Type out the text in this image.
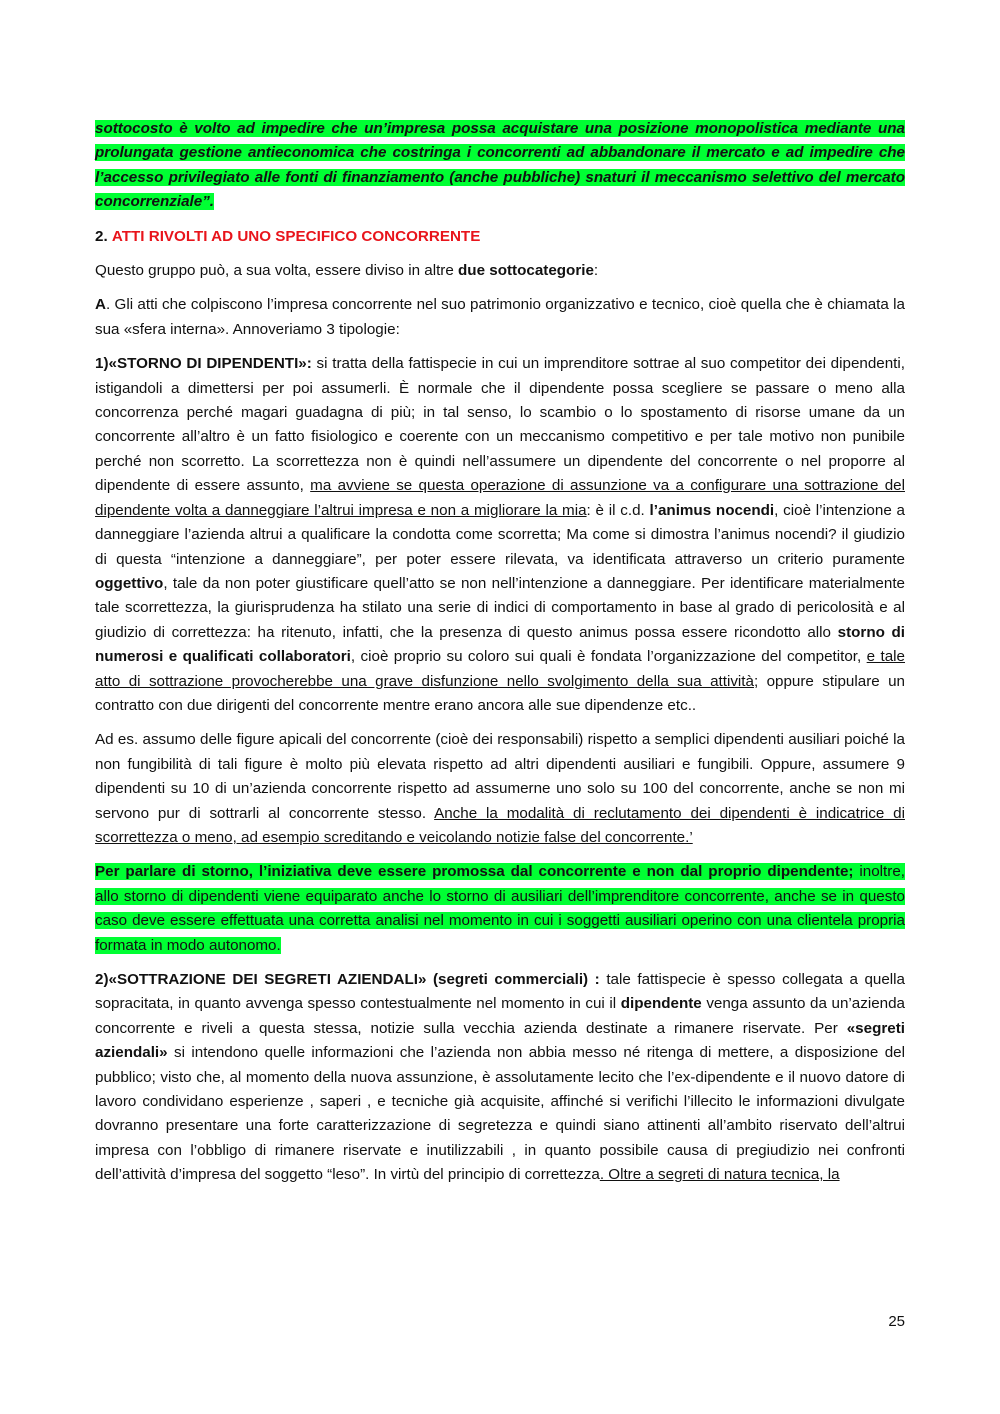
sottocosto è volto ad impedire che un’impresa possa acquistare una posizione monopolistica mediante una prolungata gestione antieconomica che costringa i concorrenti ad abbandonare il mercato e ad impedire che l’accesso privilegiato alle fonti di finanziamento (anche pubbliche) snaturi il meccanismo selettivo del mercato concorrenziale”.

2. ATTI RIVOLTI AD UNO SPECIFICO CONCORRENTE

Questo gruppo può, a sua volta, essere diviso in altre due sottocategorie:

A. Gli atti che colpiscono l’impresa concorrente nel suo patrimonio organizzativo e tecnico, cioè quella che è chiamata la sua «sfera interna». Annoveriamo 3 tipologie:

1)«STORNO DI DIPENDENTI»: si tratta della fattispecie in cui un imprenditore sottrae al suo competitor dei dipendenti, istigandoli a dimettersi per poi assumerli. È normale che il dipendente possa scegliere se passare o meno alla concorrenza perché magari guadagna di più; in tal senso, lo scambio o lo spostamento di risorse umane da un concorrente all’altro è un fatto fisiologico e coerente con un meccanismo competitivo e per tale motivo non punibile perché non scorretto. La scorrettezza non è quindi nell’assumere un dipendente del concorrente o nel proporre al dipendente di essere assunto, ma avviene se questa operazione di assunzione va a configurare una sottrazione del dipendente volta a danneggiare l’altrui impresa e non a migliorare la mia: è il c.d. l’animus nocendi, cioè l’intenzione a danneggiare l’azienda altrui a qualificare la condotta come scorretta; Ma come si dimostra l’animus nocendi? il giudizio di questa “intenzione a danneggiare”, per poter essere rilevata, va identificata attraverso un criterio puramente oggettivo, tale da non poter giustificare quell’atto se non nell’intenzione a danneggiare. Per identificare materialmente tale scorrettezza, la giurisprudenza ha stilato una serie di indici di comportamento in base al grado di pericolosità e al giudizio di correttezza: ha ritenuto, infatti, che la presenza di questo animus possa essere ricondotto allo storno di numerosi e qualificati collaboratori, cioè proprio su coloro sui quali è fondata l’organizzazione del competitor, e tale atto di sottrazione provocherebbe una grave disfunzione nello svolgimento della sua attività; oppure stipulare un contratto con due dirigenti del concorrente mentre erano ancora alle sue dipendenze etc..

Ad es. assumo delle figure apicali del concorrente (cioè dei responsabili) rispetto a semplici dipendenti ausiliari poiché la non fungibilità di tali figure è molto più elevata rispetto ad altri dipendenti ausiliari e fungibili. Oppure, assumere 9 dipendenti su 10 di un’azienda concorrente rispetto ad assumerne uno solo su 100 del concorrente, anche se non mi servono pur di sottrarli al concorrente stesso. Anche la modalità di reclutamento dei dipendenti è indicatrice di scorrettezza o meno, ad esempio screditando e veicolando notizie false del concorrente.’

Per parlare di storno, l’iniziativa deve essere promossa dal concorrente e non dal proprio dipendente; inoltre, allo storno di dipendenti viene equiparato anche lo storno di ausiliari dell’imprenditore concorrente, anche se in questo caso deve essere effettuata una corretta analisi nel momento in cui i soggetti ausiliari operino con una clientela propria formata in modo autonomo.

2)«SOTTRAZIONE DEI SEGRETI AZIENDALI» (segreti commerciali) : tale fattispecie è spesso collegata a quella sopracitata, in quanto avvenga spesso contestualmente nel momento in cui il dipendente venga assunto da un’azienda concorrente e riveli a questa stessa, notizie sulla vecchia azienda destinate a rimanere riservate. Per «segreti aziendali» si intendono quelle informazioni che l’azienda non abbia messo né ritenga di mettere, a disposizione del pubblico; visto che, al momento della nuova assunzione, è assolutamente lecito che l’ex-dipendente e il nuovo datore di lavoro condividano esperienze , saperi , e tecniche già acquisite, affinché si verifichi l’illecito le informazioni divulgate dovranno presentare una forte caratterizzazione di segretezza e quindi siano attinenti all’ambito riservato dell’altrui impresa con l’obbligo di rimanere riservate e inutilizzabili , in quanto possibile causa di pregiudizio nei confronti dell’attività d’impresa del soggetto “leso”. In virtù del principio di correttezza. Oltre a segreti di natura tecnica, la

25
